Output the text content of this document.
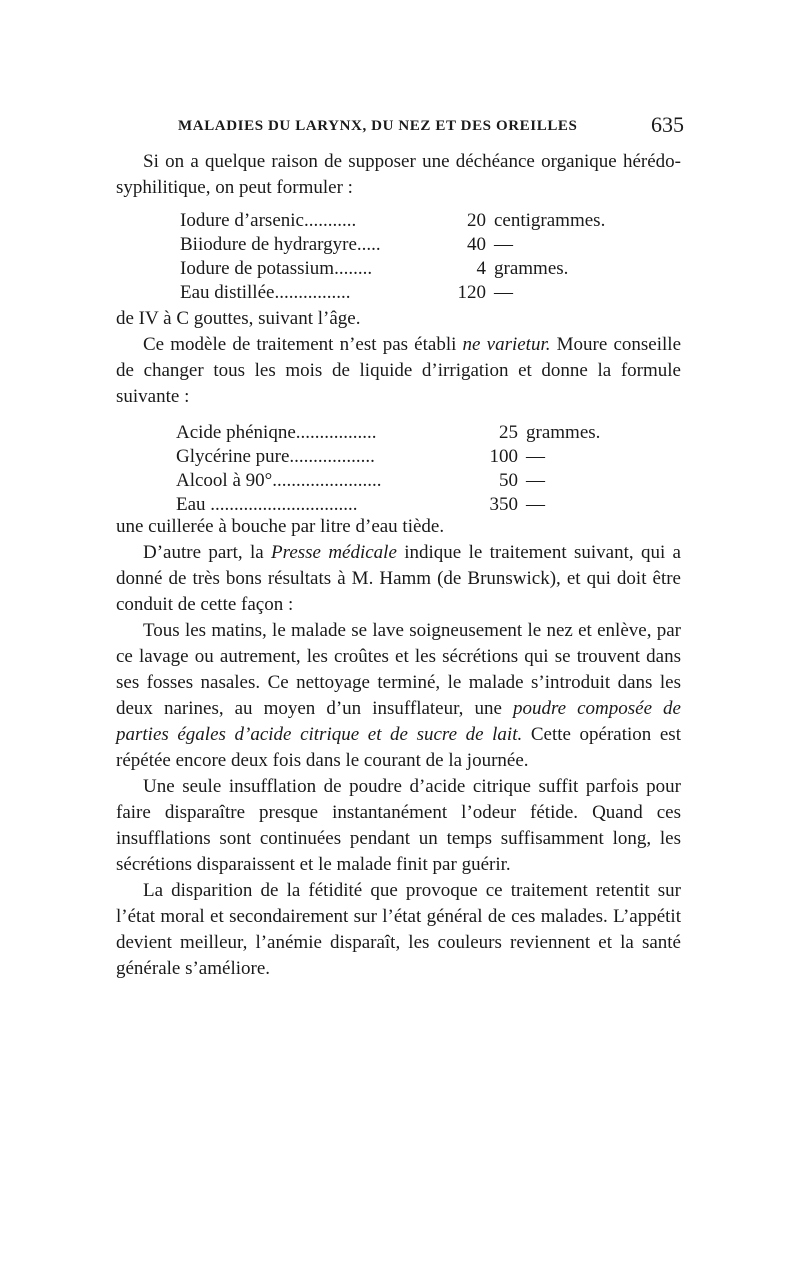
MALADIES DU LARYNX, DU NEZ ET DES OREILLES	635

Si on a quelque raison de supposer une déchéance organique hérédo-syphilitique, on peut formuler :

Iodure d’arsenic...........	20 centigrammes.
Biiodure de hydrargyre.....	40 —
Iodure de potassium........	4 grammes.
Eau distillée................	120 —

de IV à C gouttes, suivant l’âge.

Ce modèle de traitement n’est pas établi ne varietur. Moure conseille de changer tous les mois de liquide d’irrigation et donne la formule suivante :

Acide phéniqne.................	25 grammes.
Glycérine pure..................	100 —
Alcool à 90°.......................	50 —
Eau ...............................	350 —

une cuillerée à bouche par litre d’eau tiède.

D’autre part, la Presse médicale indique le traitement suivant, qui a donné de très bons résultats à M. Hamm (de Brunswick), et qui doit être conduit de cette façon :

Tous les matins, le malade se lave soigneusement le nez et enlève, par ce lavage ou autrement, les croûtes et les sécrétions qui se trouvent dans ses fosses nasales. Ce nettoyage terminé, le malade s’introduit dans les deux narines, au moyen d’un insufflateur, une poudre composée de parties égales d’acide citrique et de sucre de lait. Cette opération est répétée encore deux fois dans le courant de la journée.

Une seule insufflation de poudre d’acide citrique suffit parfois pour faire disparaître presque instantanément l’odeur fétide. Quand ces insufflations sont continuées pendant un temps suffisamment long, les sécrétions disparaissent et le malade finit par guérir.

La disparition de la fétidité que provoque ce traitement retentit sur l’état moral et secondairement sur l’état général de ces malades. L’appétit devient meilleur, l’anémie disparaît, les couleurs reviennent et la santé générale s’améliore.
